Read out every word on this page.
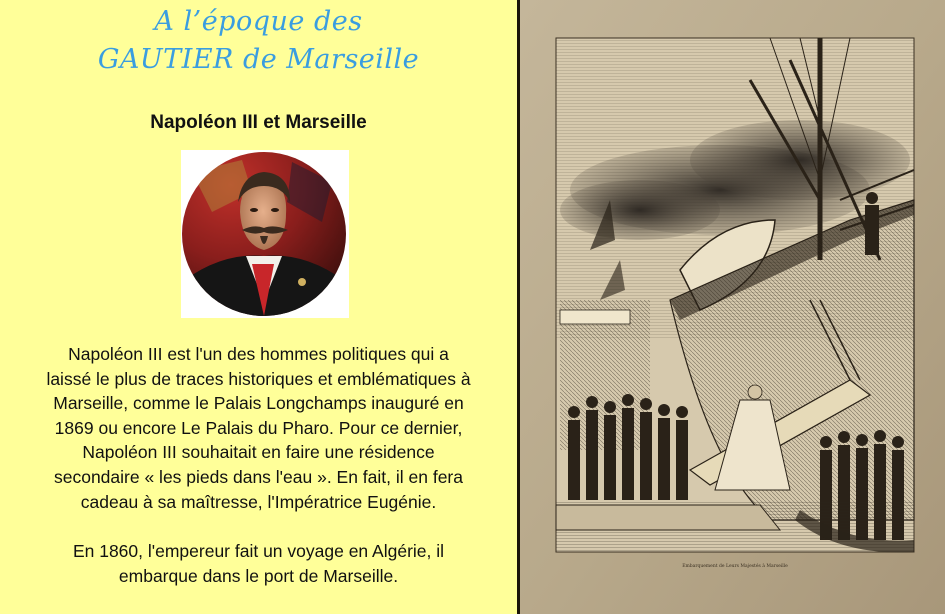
A l’époque des
GAUTIER de Marseille
Napoléon III et Marseille
Napoléon III est l'un des hommes politiques qui a
laissé le plus de traces historiques et emblématiques à
Marseille, comme le Palais Longchamps inauguré en
1869 ou encore Le Palais du Pharo. Pour ce dernier,
Napoléon III souhaitait en faire une résidence
secondaire « les pieds dans l'eau ». En fait, il en fera
cadeau à sa maîtresse, l'Impératrice Eugénie.
En 1860, l'empereur fait un voyage en Algérie, il
embarque dans le port de Marseille.	Embarquement de Leurs Majestés à Marseille
